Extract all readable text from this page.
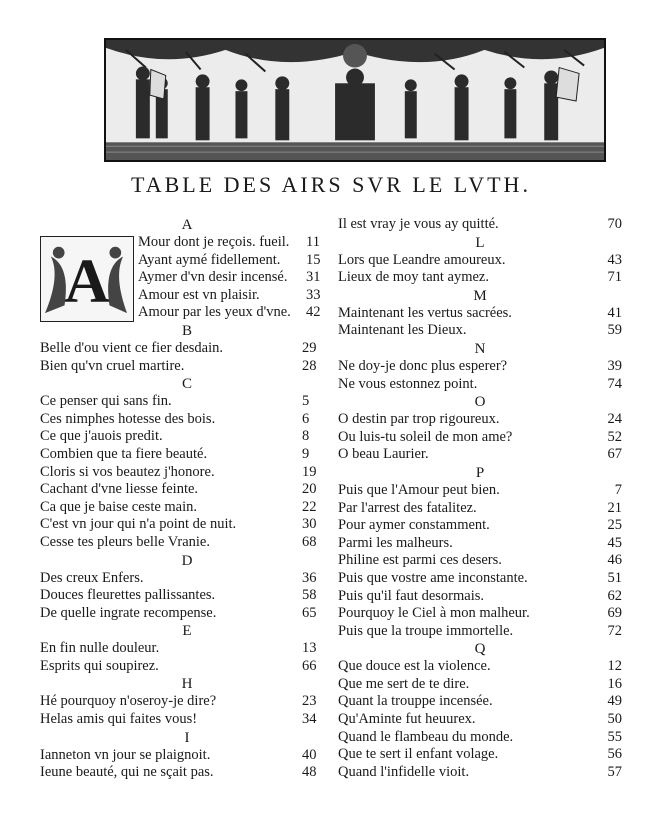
TABLE DES AIRS SVR LE LVTH.
A
A
Mour dont je reçois. fueil. 11
Ayant aymé fidellement. 15
Aymer d'vn desir incensé. 31
Amour est vn plaisir.	33
Amour par les yeux d'vne. 42
B
Belle d'ou vient ce fier desdain.	29
Bien qu'vn cruel martire.	28
C
Ce penser qui sans fin.	5
Ces nimphes hotesse des bois.	6
Ce que j'auois predit.	8
Combien que ta fiere beauté.	9
Cloris si vos beautez j'honore.	19
Cachant d'vne liesse feinte.	20
Ca que je baise ceste main.	22
C'est vn jour qui n'a point de nuit.	30
Cesse tes pleurs belle Vranie.	68
D
Des creux Enfers.	36
Douces fleurettes pallissantes.	58
De quelle ingrate recompense.	65
E
En fin nulle douleur.	13
Esprits qui soupirez.	66
H
Hé pourquoy n'oseroy-je dire?	23
Helas amis qui faites vous!	34
I
Ianneton vn jour se plaignoit.	40
Ieune beauté, qui ne sçait pas.	48
Il est vray je vous ay quitté.	70
L
Lors que Leandre amoureux.	43
Lieux de moy tant aymez.	71
M
Maintenant les vertus sacrées.	41
Maintenant les Dieux.	59
N
Ne doy-je donc plus esperer?	39
Ne vous estonnez point.	74
O
O destin par trop rigoureux.	24
Ou luis-tu soleil de mon ame?	52
O beau Laurier.	67
P
Puis que l'Amour peut bien.	7
Par l'arrest des fatalitez.	21
Pour aymer constamment.	25
Parmi les malheurs.	45
Philine est parmi ces desers.	46
Puis que vostre ame inconstante.	51
Puis qu'il faut desormais.	62
Pourquoy le Ciel à mon malheur.	69
Puis que la troupe immortelle.	72
Q
Que douce est la violence.	12
Que me sert de te dire.	16
Quant la trouppe incensée.	49
Qu'Aminte fut heuurex.	50
Quand le flambeau du monde.	55
Que te sert il enfant volage.	56
Quand l'infidelle vioit.	57
